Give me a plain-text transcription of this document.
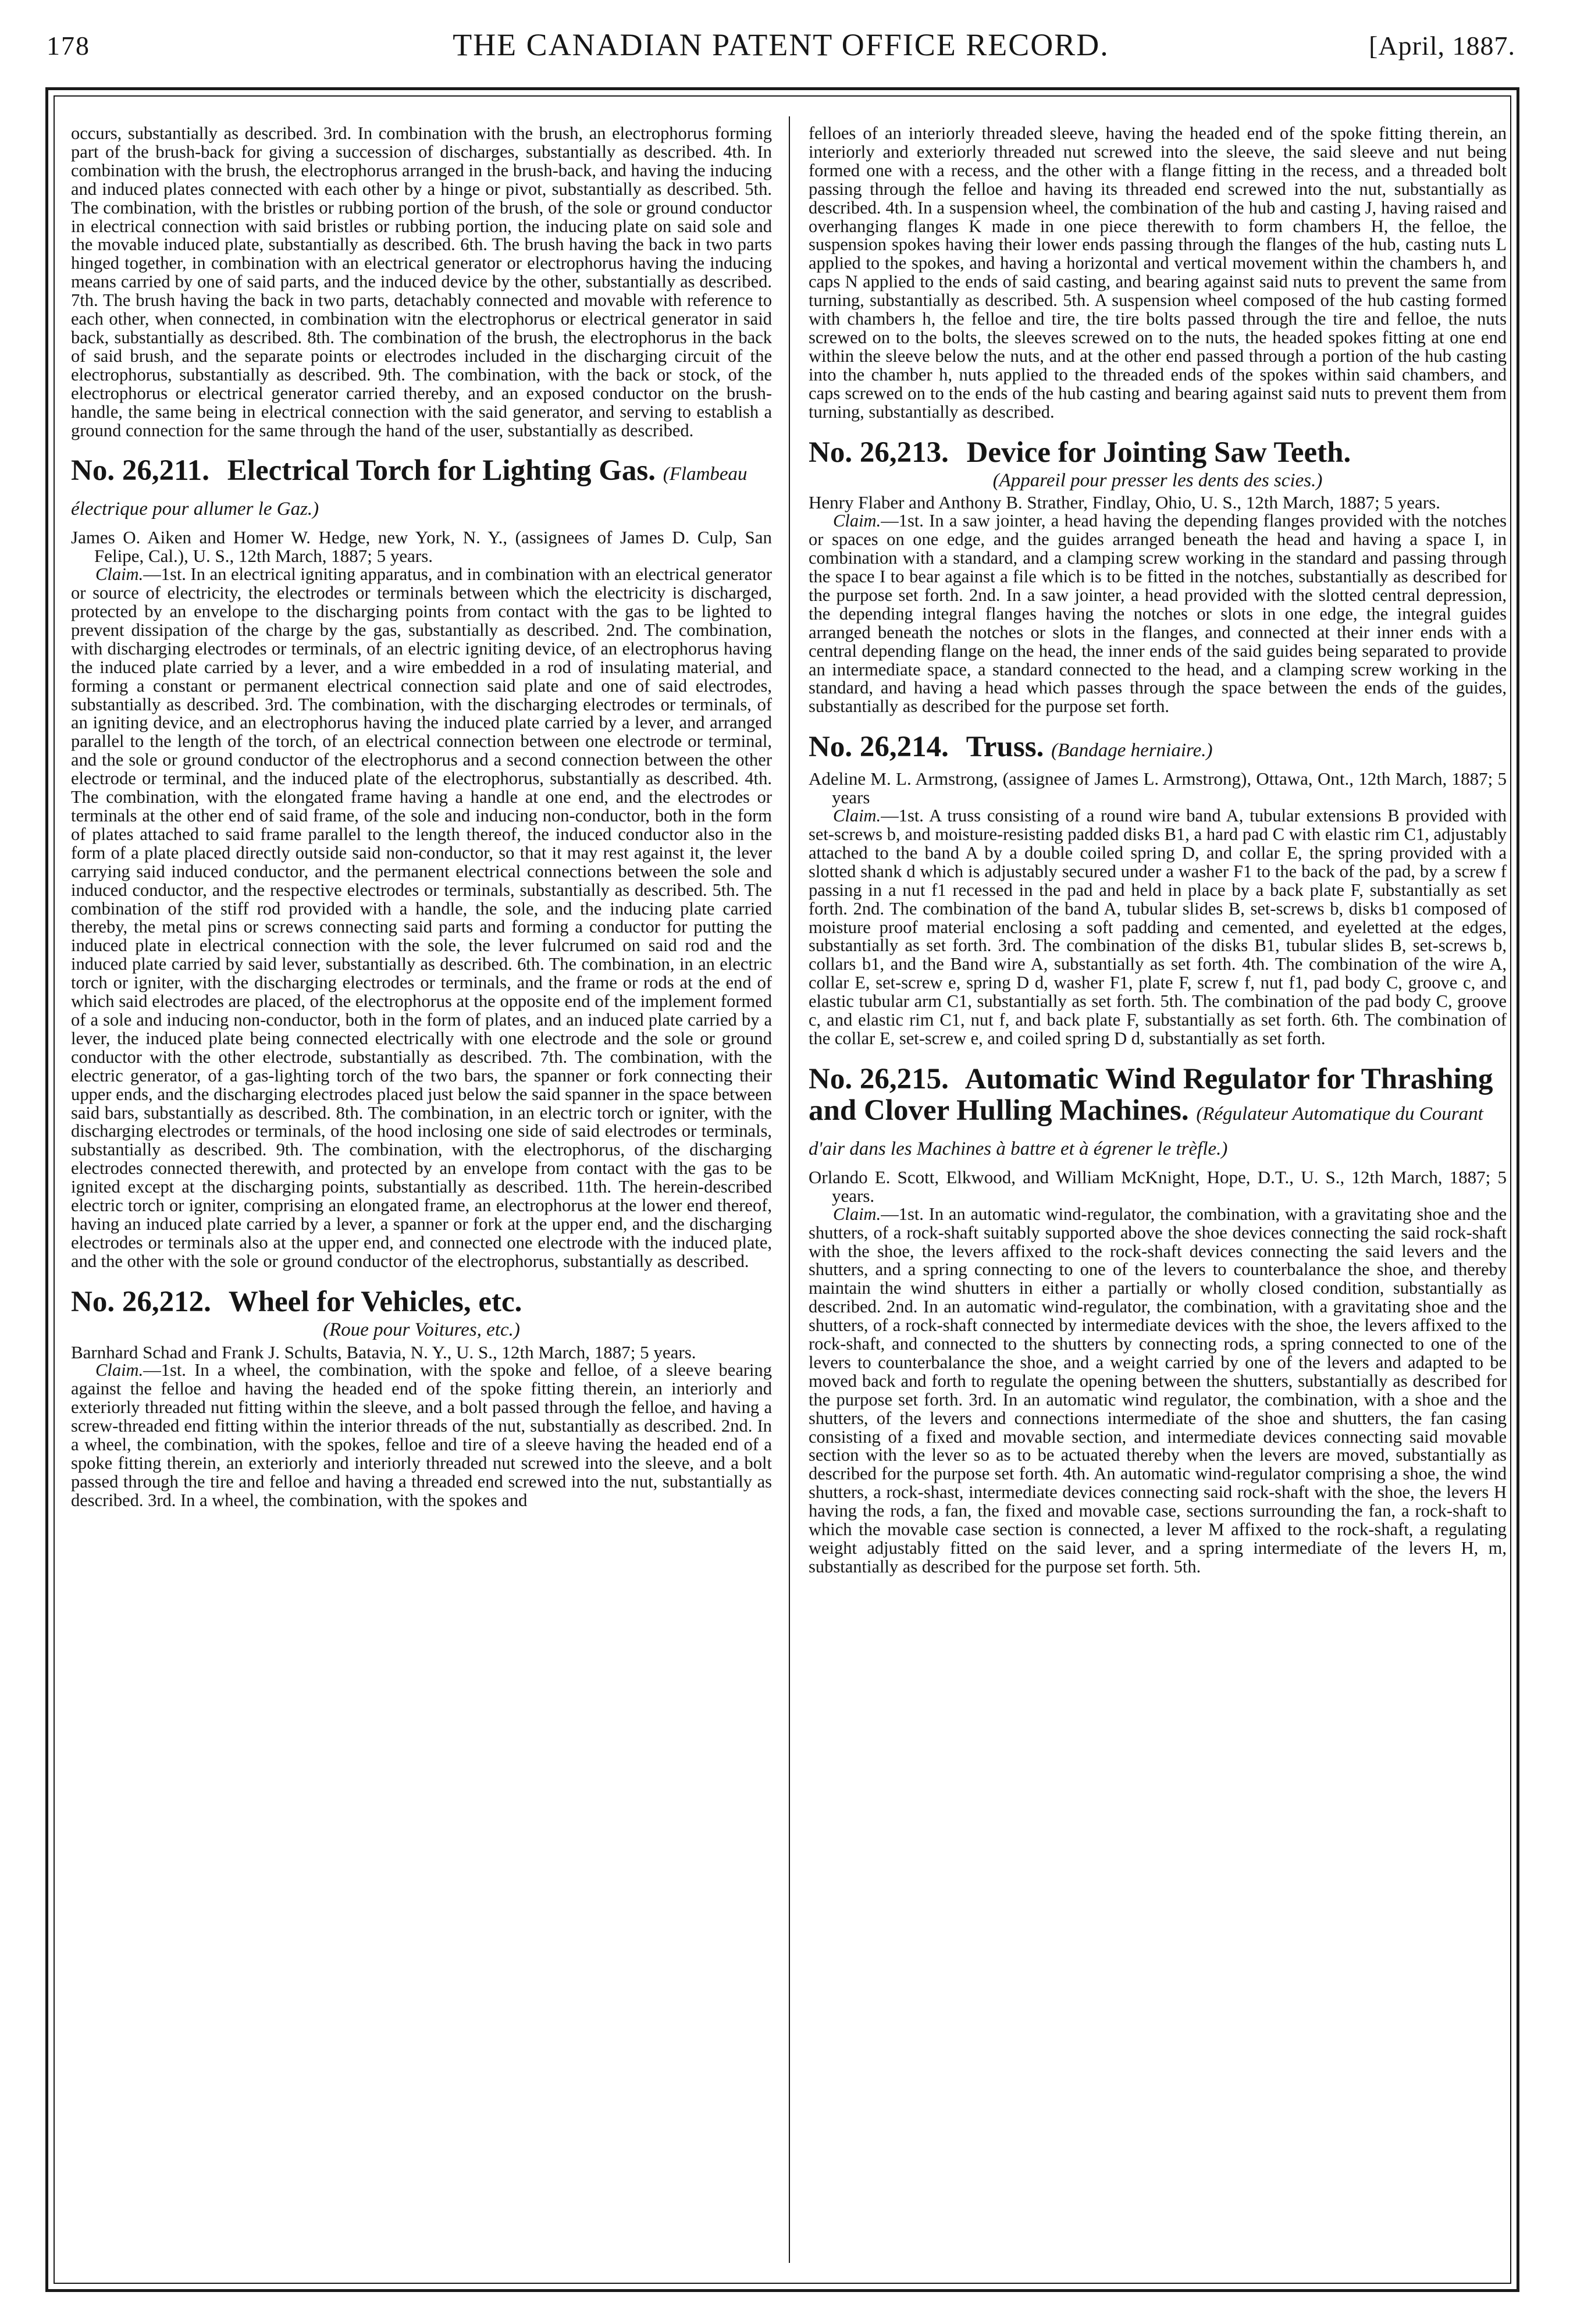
178	THE CANADIAN PATENT OFFICE RECORD.	[April, 1887.

occurs, substantially as described. 3rd. In combination with the brush, an electrophorus forming part of the brush-back for giving a succession of discharges, substantially as described. 4th. In combination with the brush, the electrophorus arranged in the brush-back, and having the inducing and induced plates connected with each other by a hinge or pivot, substantially as described. 5th. The combination, with the bristles or rubbing portion of the brush, of the sole or ground conductor in electrical connection with said bristles or rubbing portion, the inducing plate on said sole and the movable induced plate, substantially as described. 6th. The brush having the back in two parts hinged together, in combination with an electrical generator or electrophorus having the inducing means carried by one of said parts, and the induced device by the other, substantially as described. 7th. The brush having the back in two parts, detachably connected and movable with reference to each other, when connected, in combination witn the electrophorus or electrical generator in said back, substantially as described. 8th. The combination of the brush, the electrophorus in the back of said brush, and the separate points or electrodes included in the discharging circuit of the electrophorus, substantially as described. 9th. The combination, with the back or stock, of the electrophorus or electrical generator carried thereby, and an exposed conductor on the brush-handle, the same being in electrical connection with the said generator, and serving to establish a ground connection for the same through the hand of the user, substantially as described.

No. 26,211. Electrical Torch for Lighting Gas. (Flambeau électrique pour allumer le Gaz.)

James O. Aiken and Homer W. Hedge, new York, N. Y., (assignees of James D. Culp, San Felipe, Cal.), U. S., 12th March, 1887; 5 years.

Claim.—1st. In an electrical igniting apparatus, and in combination with an electrical generator or source of electricity, the electrodes or terminals between which the electricity is discharged, protected by an envelope to the discharging points from contact with the gas to be lighted to prevent dissipation of the charge by the gas, substantially as described. 2nd. The combination, with discharging electrodes or terminals, of an electric igniting device, of an electrophorus having the induced plate carried by a lever, and a wire embedded in a rod of insulating material, and forming a constant or permanent electrical connection said plate and one of said electrodes, substantially as described. 3rd. The combination, with the discharging electrodes or terminals, of an igniting device, and an electrophorus having the induced plate carried by a lever, and arranged parallel to the length of the torch, of an electrical connection between one electrode or terminal, and the sole or ground conductor of the electrophorus and a second connection between the other electrode or terminal, and the induced plate of the electrophorus, substantially as described. 4th. The combination, with the elongated frame having a handle at one end, and the electrodes or terminals at the other end of said frame, of the sole and inducing non-conductor, both in the form of plates attached to said frame parallel to the length thereof, the induced conductor also in the form of a plate placed directly outside said non-conductor, so that it may rest against it, the lever carrying said induced conductor, and the permanent electrical connections between the sole and induced conductor, and the respective electrodes or terminals, substantially as described. 5th. The combination of the stiff rod provided with a handle, the sole, and the inducing plate carried thereby, the metal pins or screws connecting said parts and forming a conductor for putting the induced plate in electrical connection with the sole, the lever fulcrumed on said rod and the induced plate carried by said lever, substantially as described. 6th. The combination, in an electric torch or igniter, with the discharging electrodes or terminals, and the frame or rods at the end of which said electrodes are placed, of the electrophorus at the opposite end of the implement formed of a sole and inducing non-conductor, both in the form of plates, and an induced plate carried by a lever, the induced plate being connected electrically with one electrode and the sole or ground conductor with the other electrode, substantially as described. 7th. The combination, with the electric generator, of a gas-lighting torch of the two bars, the spanner or fork connecting their upper ends, and the discharging electrodes placed just below the said spanner in the space between said bars, substantially as described. 8th. The combination, in an electric torch or igniter, with the discharging electrodes or terminals, of the hood inclosing one side of said electrodes or terminals, substantially as described. 9th. The combination, with the electrophorus, of the discharging electrodes connected therewith, and protected by an envelope from contact with the gas to be ignited except at the discharging points, substantially as described. 11th. The herein-described electric torch or igniter, comprising an elongated frame, an electrophorus at the lower end thereof, having an induced plate carried by a lever, a spanner or fork at the upper end, and the discharging electrodes or terminals also at the upper end, and connected one electrode with the induced plate, and the other with the sole or ground conductor of the electrophorus, substantially as described.

No. 26,212. Wheel for Vehicles, etc.
(Roue pour Voitures, etc.)

Barnhard Schad and Frank J. Schults, Batavia, N. Y., U. S., 12th March, 1887; 5 years.

Claim.—1st. In a wheel, the combination, with the spoke and felloe, of a sleeve bearing against the felloe and having the headed end of the spoke fitting therein, an interiorly and exteriorly threaded nut fitting within the sleeve, and a bolt passed through the felloe, and having a screw-threaded end fitting within the interior threads of the nut, substantially as described. 2nd. In a wheel, the combination, with the spokes, felloe and tire of a sleeve having the headed end of a spoke fitting therein, an exteriorly and interiorly threaded nut screwed into the sleeve, and a bolt passed through the tire and felloe and having a threaded end screwed into the nut, substantially as described. 3rd. In a wheel, the combination, with the spokes and

felloes of an interiorly threaded sleeve, having the headed end of the spoke fitting therein, an interiorly and exteriorly threaded nut screwed into the sleeve, the said sleeve and nut being formed one with a recess, and the other with a flange fitting in the recess, and a threaded bolt passing through the felloe and having its threaded end screwed into the nut, substantially as described. 4th. In a suspension wheel, the combination of the hub and casting J, having raised and overhanging flanges K made in one piece therewith to form chambers H, the felloe, the suspension spokes having their lower ends passing through the flanges of the hub, casting nuts L applied to the spokes, and having a horizontal and vertical movement within the chambers h, and caps N applied to the ends of said casting, and bearing against said nuts to prevent the same from turning, substantially as described. 5th. A suspension wheel composed of the hub casting formed with chambers h, the felloe and tire, the tire bolts passed through the tire and felloe, the nuts screwed on to the bolts, the sleeves screwed on to the nuts, the headed spokes fitting at one end within the sleeve below the nuts, and at the other end passed through a portion of the hub casting into the chamber h, nuts applied to the threaded ends of the spokes within said chambers, and caps screwed on to the ends of the hub casting and bearing against said nuts to prevent them from turning, substantially as described.

No. 26,213. Device for Jointing Saw Teeth.
(Appareil pour presser les dents des scies.)

Henry Flaber and Anthony B. Strather, Findlay, Ohio, U. S., 12th March, 1887; 5 years.

Claim.—1st. In a saw jointer, a head having the depending flanges provided with the notches or spaces on one edge, and the guides arranged beneath the head and having a space I, in combination with a standard, and a clamping screw working in the standard and passing through the space I to bear against a file which is to be fitted in the notches, substantially as described for the purpose set forth. 2nd. In a saw jointer, a head provided with the slotted central depression, the depending integral flanges having the notches or slots in one edge, the integral guides arranged beneath the notches or slots in the flanges, and connected at their inner ends with a central depending flange on the head, the inner ends of the said guides being separated to provide an intermediate space, a standard connected to the head, and a clamping screw working in the standard, and having a head which passes through the space between the ends of the guides, substantially as described for the purpose set forth.

No. 26,214. Truss. (Bandage herniaire.)

Adeline M. L. Armstrong, (assignee of James L. Armstrong), Ottawa, Ont., 12th March, 1887; 5 years

Claim.—1st. A truss consisting of a round wire band A, tubular extensions B provided with set-screws b, and moisture-resisting padded disks B1, a hard pad C with elastic rim C1, adjustably attached to the band A by a double coiled spring D, and collar E, the spring provided with a slotted shank d which is adjustably secured under a washer F1 to the back of the pad, by a screw f passing in a nut f1 recessed in the pad and held in place by a back plate F, substantially as set forth. 2nd. The combination of the band A, tubular slides B, set-screws b, disks b1 composed of moisture proof material enclosing a soft padding and cemented, and eyeletted at the edges, substantially as set forth. 3rd. The combination of the disks B1, tubular slides B, set-screws b, collars b1, and the Band wire A, substantially as set forth. 4th. The combination of the wire A, collar E, set-screw e, spring D d, washer F1, plate F, screw f, nut f1, pad body C, groove c, and elastic tubular arm C1, substantially as set forth. 5th. The combination of the pad body C, groove c, and elastic rim C1, nut f, and back plate F, substantially as set forth. 6th. The combination of the collar E, set-screw e, and coiled spring D d, substantially as set forth.

No. 26,215. Automatic Wind Regulator for Thrashing and Clover Hulling Machines. (Régulateur Automatique du Courant d'air dans les Machines à battre et à égrener le trèfle.)

Orlando E. Scott, Elkwood, and William McKnight, Hope, D.T., U. S., 12th March, 1887; 5 years.

Claim.—1st. In an automatic wind-regulator, the combination, with a gravitating shoe and the shutters, of a rock-shaft suitably supported above the shoe devices connecting the said rock-shaft with the shoe, the levers affixed to the rock-shaft devices connecting the said levers and the shutters, and a spring connecting to one of the levers to counterbalance the shoe, and thereby maintain the wind shutters in either a partially or wholly closed condition, substantially as described. 2nd. In an automatic wind-regulator, the combination, with a gravitating shoe and the shutters, of a rock-shaft connected by intermediate devices with the shoe, the levers affixed to the rock-shaft, and connected to the shutters by connecting rods, a spring connected to one of the levers to counterbalance the shoe, and a weight carried by one of the levers and adapted to be moved back and forth to regulate the opening between the shutters, substantially as described for the purpose set forth. 3rd. In an automatic wind regulator, the combination, with a shoe and the shutters, of the levers and connections intermediate of the shoe and shutters, the fan casing consisting of a fixed and movable section, and intermediate devices connecting said movable section with the lever so as to be actuated thereby when the levers are moved, substantially as described for the purpose set forth. 4th. An automatic wind-regulator comprising a shoe, the wind shutters, a rock-shast, intermediate devices connecting said rock-shaft with the shoe, the levers H having the rods, a fan, the fixed and movable case, sections surrounding the fan, a rock-shaft to which the movable case section is connected, a lever M affixed to the rock-shaft, a regulating weight adjustably fitted on the said lever, and a spring intermediate of the levers H, m, substantially as described for the purpose set forth. 5th.
